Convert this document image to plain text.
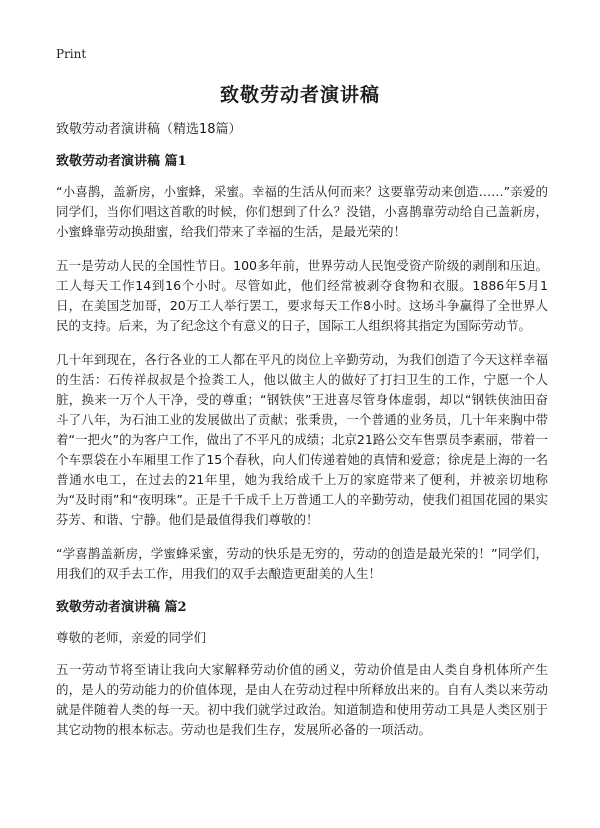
Print
致敬劳动者演讲稿

致敬劳动者演讲稿（精选18篇）

致敬劳动者演讲稿 篇1

“小喜鹊，盖新房，小蜜蜂，采蜜。幸福的生活从何而来？这要靠劳动来创造……”亲爱的同学们，当你们唱这首歌的时候，你们想到了什么？没错，小喜鹊靠劳动给自己盖新房，小蜜蜂靠劳动换甜蜜，给我们带来了幸福的生活，是最光荣的！

五一是劳动人民的全国性节日。100多年前，世界劳动人民饱受资产阶级的剥削和压迫。工人每天工作14到16个小时。尽管如此，他们经常被剥夺食物和衣服。1886年5月1日，在美国芝加哥，20万工人举行罢工，要求每天工作8小时。这场斗争赢得了全世界人民的支持。后来，为了纪念这个有意义的日子，国际工人组织将其指定为国际劳动节。

几十年到现在，各行各业的工人都在平凡的岗位上辛勤劳动，为我们创造了今天这样幸福的生活：石传祥叔叔是个捡粪工人，他以做主人的做好了打扫卫生的工作，宁愿一个人脏，换来一万个人干净，受的尊重；“钢铁侠”王进喜尽管身体虚弱，却以“钢铁侠油田奋斗了八年，为石油工业的发展做出了贡献；张秉贵，一个普通的业务员，几十年来胸中带着“一把火”的为客户工作，做出了不平凡的成绩；北京21路公交车售票员李素丽，带着一个车票袋在小车厢里工作了15个春秋，向人们传递着她的真情和爱意；徐虎是上海的一名普通水电工，在过去的21年里，她为我给成千上万的家庭带来了便利，并被亲切地称为“及时雨”和“夜明珠”。正是千千成千上万普通工人的辛勤劳动，使我们祖国花园的果实芬芳、和谐、宁静。他们是最值得我们尊敬的！

“学喜鹊盖新房，学蜜蜂采蜜，劳动的快乐是无穷的，劳动的创造是最光荣的！”同学们，用我们的双手去工作，用我们的双手去酿造更甜美的人生！

致敬劳动者演讲稿 篇2

尊敬的老师，亲爱的同学们

五一劳动节将至请让我向大家解释劳动价值的函义，劳动价值是由人类自身机体所产生的，是人的劳动能力的价值体现，是由人在劳动过程中所释放出来的。自有人类以来劳动就是伴随着人类的每一天。初中我们就学过政治。知道制造和使用劳动工具是人类区别于其它动物的根本标志。劳动也是我们生存，发展所必备的一项活动。
